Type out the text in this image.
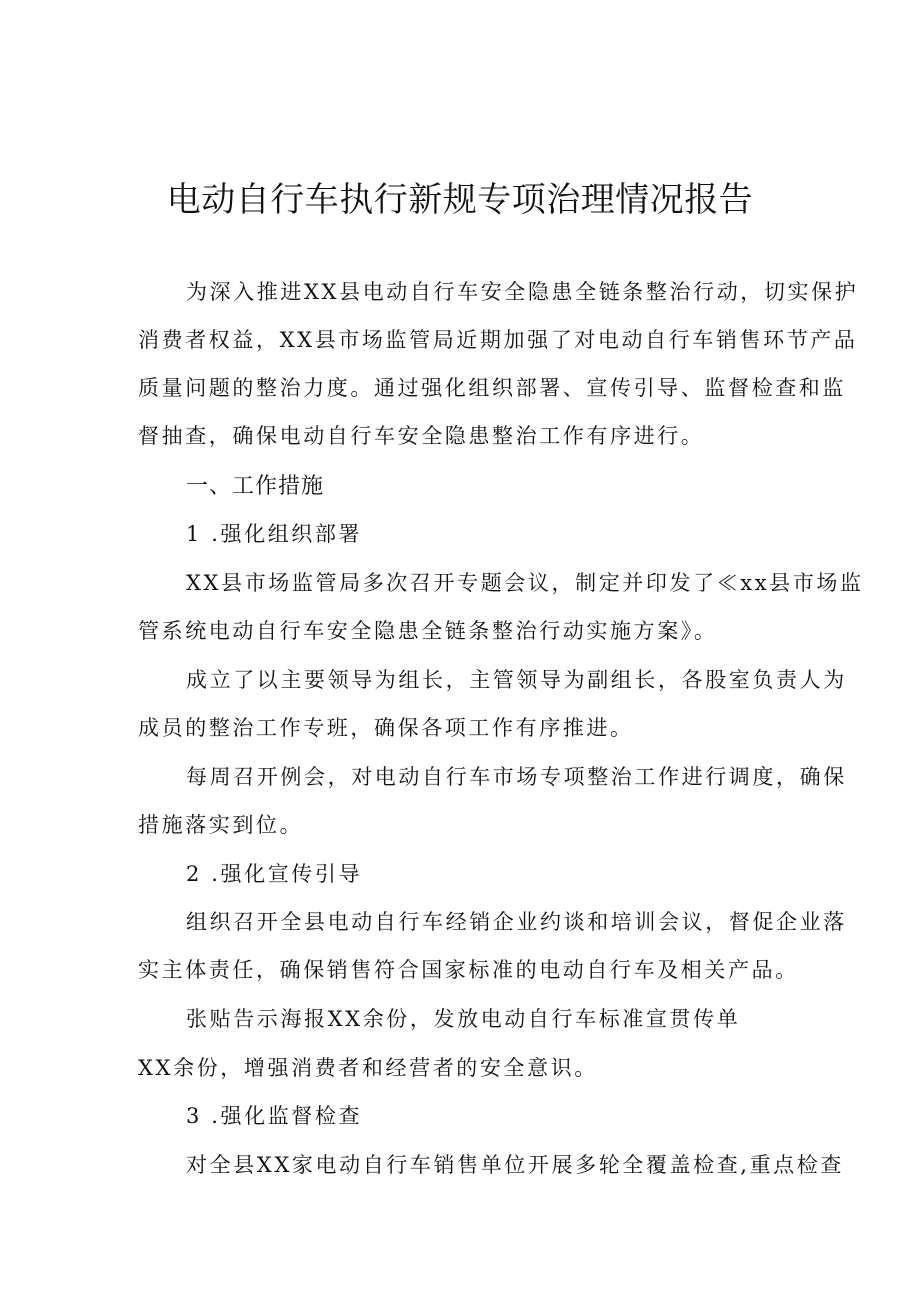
电动自行车执行新规专项治理情况报告
为深入推进XX县电动自行车安全隐患全链条整治行动，切实保护
消费者权益，XX县市场监管局近期加强了对电动自行车销售环节产品
质量问题的整治力度。通过强化组织部署、宣传引导、监督检查和监
督抽查，确保电动自行车安全隐患整治工作有序进行。
一、工作措施
1 .强化组织部署
XX县市场监管局多次召开专题会议，制定并印发了≪xx县市场监
管系统电动自行车安全隐患全链条整治行动实施方案》。
成立了以主要领导为组长，主管领导为副组长，各股室负责人为
成员的整治工作专班，确保各项工作有序推进。
每周召开例会，对电动自行车市场专项整治工作进行调度，确保
措施落实到位。
2 .强化宣传引导
组织召开全县电动自行车经销企业约谈和培训会议，督促企业落
实主体责任，确保销售符合国家标准的电动自行车及相关产品。
张贴告示海报XX余份，发放电动自行车标准宣贯传单
XX余份，增强消费者和经营者的安全意识。
3 .强化监督检查
对全县XX家电动自行车销售单位开展多轮全覆盖检查,重点检查
